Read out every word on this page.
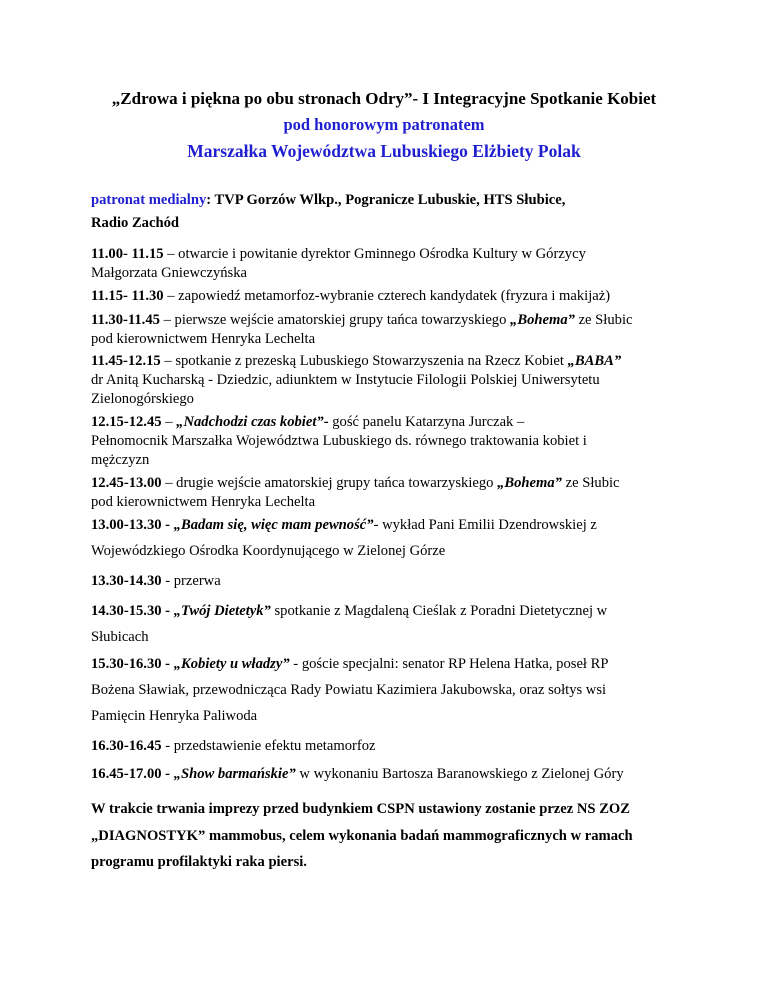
„Zdrowa i piękna po obu stronach Odry”- I Integracyjne Spotkanie Kobiet
pod honorowym patronatem
Marszałka Województwa Lubuskiego Elżbiety Polak
patronat medialny: TVP Gorzów Wlkp., Pogranicze Lubuskie, HTS Słubice,
Radio Zachód
11.00- 11.15 – otwarcie i powitanie dyrektor Gminnego Ośrodka Kultury w Górzycy
Małgorzata Gniewczyńska
11.15- 11.30 – zapowiedź metamorfoz-wybranie czterech kandydatek (fryzura i makijaż)
11.30-11.45 – pierwsze wejście amatorskiej grupy tańca towarzyskiego „Bohema” ze Słubic
pod kierownictwem Henryka Lechelta
11.45-12.15 – spotkanie z prezeską Lubuskiego Stowarzyszenia na Rzecz Kobiet „BABA”
dr Anitą Kucharską - Dziedzic, adiunktem w Instytucie Filologii Polskiej Uniwersytetu
Zielonogórskiego
12.15-12.45 – „Nadchodzi czas kobiet”- gość panelu Katarzyna Jurczak –
Pełnomocnik Marszałka Województwa Lubuskiego ds. równego traktowania kobiet i
mężczyzn
12.45-13.00 – drugie wejście amatorskiej grupy tańca towarzyskiego „Bohema” ze Słubic
pod kierownictwem Henryka Lechelta
13.00-13.30 - „Badam się, więc mam pewność”- wykład Pani Emilii Dzendrowskiej z
Wojewódzkiego Ośrodka Koordynującego w Zielonej Górze
13.30-14.30 - przerwa
14.30-15.30 - „Twój Dietetyk” spotkanie z Magdaleną Cieślak z Poradni Dietetycznej w
Słubicach
15.30-16.30 - „Kobiety u władzy” - goście specjalni: senator RP Helena Hatka, poseł RP
Bożena Sławiak, przewodnicząca Rady Powiatu Kazimiera Jakubowska, oraz sołtys wsi
Pamięcin Henryka Paliwoda
16.30-16.45 - przedstawienie efektu metamorfoz
16.45-17.00 - „Show barmańskie” w wykonaniu Bartosza Baranowskiego z Zielonej Góry
W trakcie trwania imprezy przed budynkiem CSPN ustawiony zostanie przez NS ZOZ
„DIAGNOSTYK” mammobus, celem wykonania badań mammograficznych w ramach
programu profilaktyki raka piersi.
